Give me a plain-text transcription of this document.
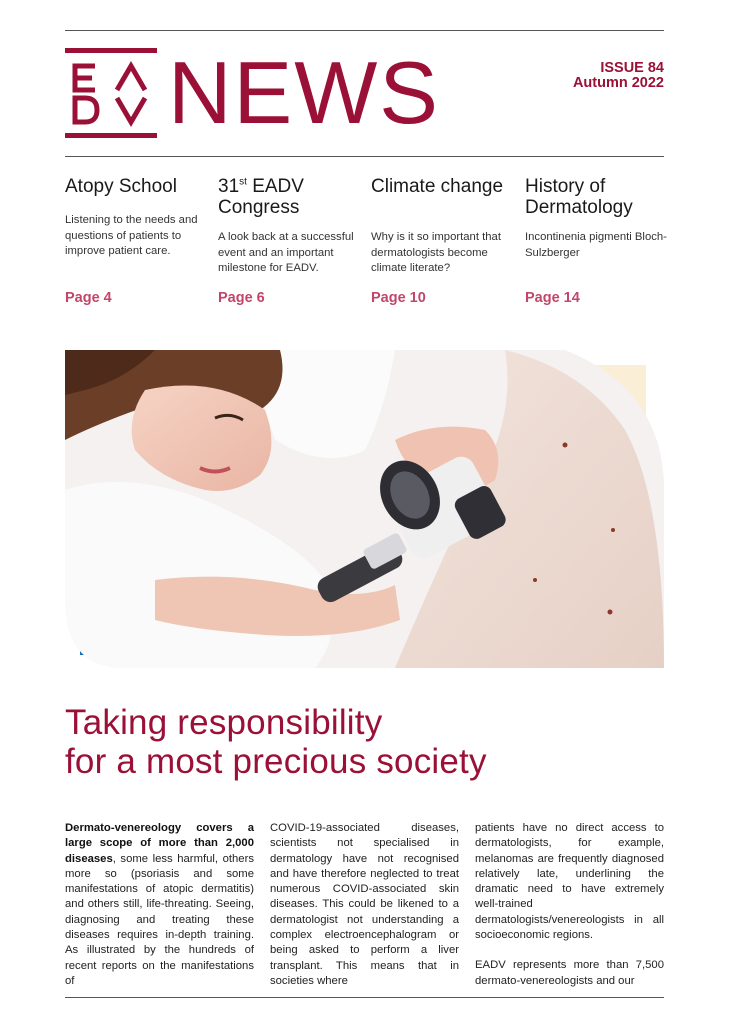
NEWS	ISSUE 84
Autumn 2022
Atopy School

Listening to the needs and questions of patients to improve patient care.

Page 4
31st EADV Congress

A look back at a successful event and an important milestone for EADV.

Page 6
Climate change

Why is it so important that dermatologists become climate literate?

Page 10
History of Dermatology

Incontinenia pigmenti Bloch-Sulzberger

Page 14
Taking responsibility
for a most precious society

Dermato-venereology covers a large scope of more than 2,000 diseases, some less harmful, others more so (psoriasis and some manifestations of atopic dermatitis) and others still, life-threating. Seeing, diagnosing and treating these diseases requires in-depth training. As illustrated by the hundreds of recent reports on the manifestations of

COVID-19-associated diseases, scientists not specialised in dermatology have not recognised and have therefore neglected to treat numerous COVID-associated skin diseases. This could be likened to a dermatologist not understanding a complex electroencephalogram or being asked to perform a liver transplant. This means that in societies where

patients have no direct access to dermatologists, for example, melanomas are frequently diagnosed relatively late, underlining the dramatic need to have extremely well-trained dermatologists/venereologists in all socioeconomic regions.

EADV represents more than 7,500 dermato-venereologists and our
